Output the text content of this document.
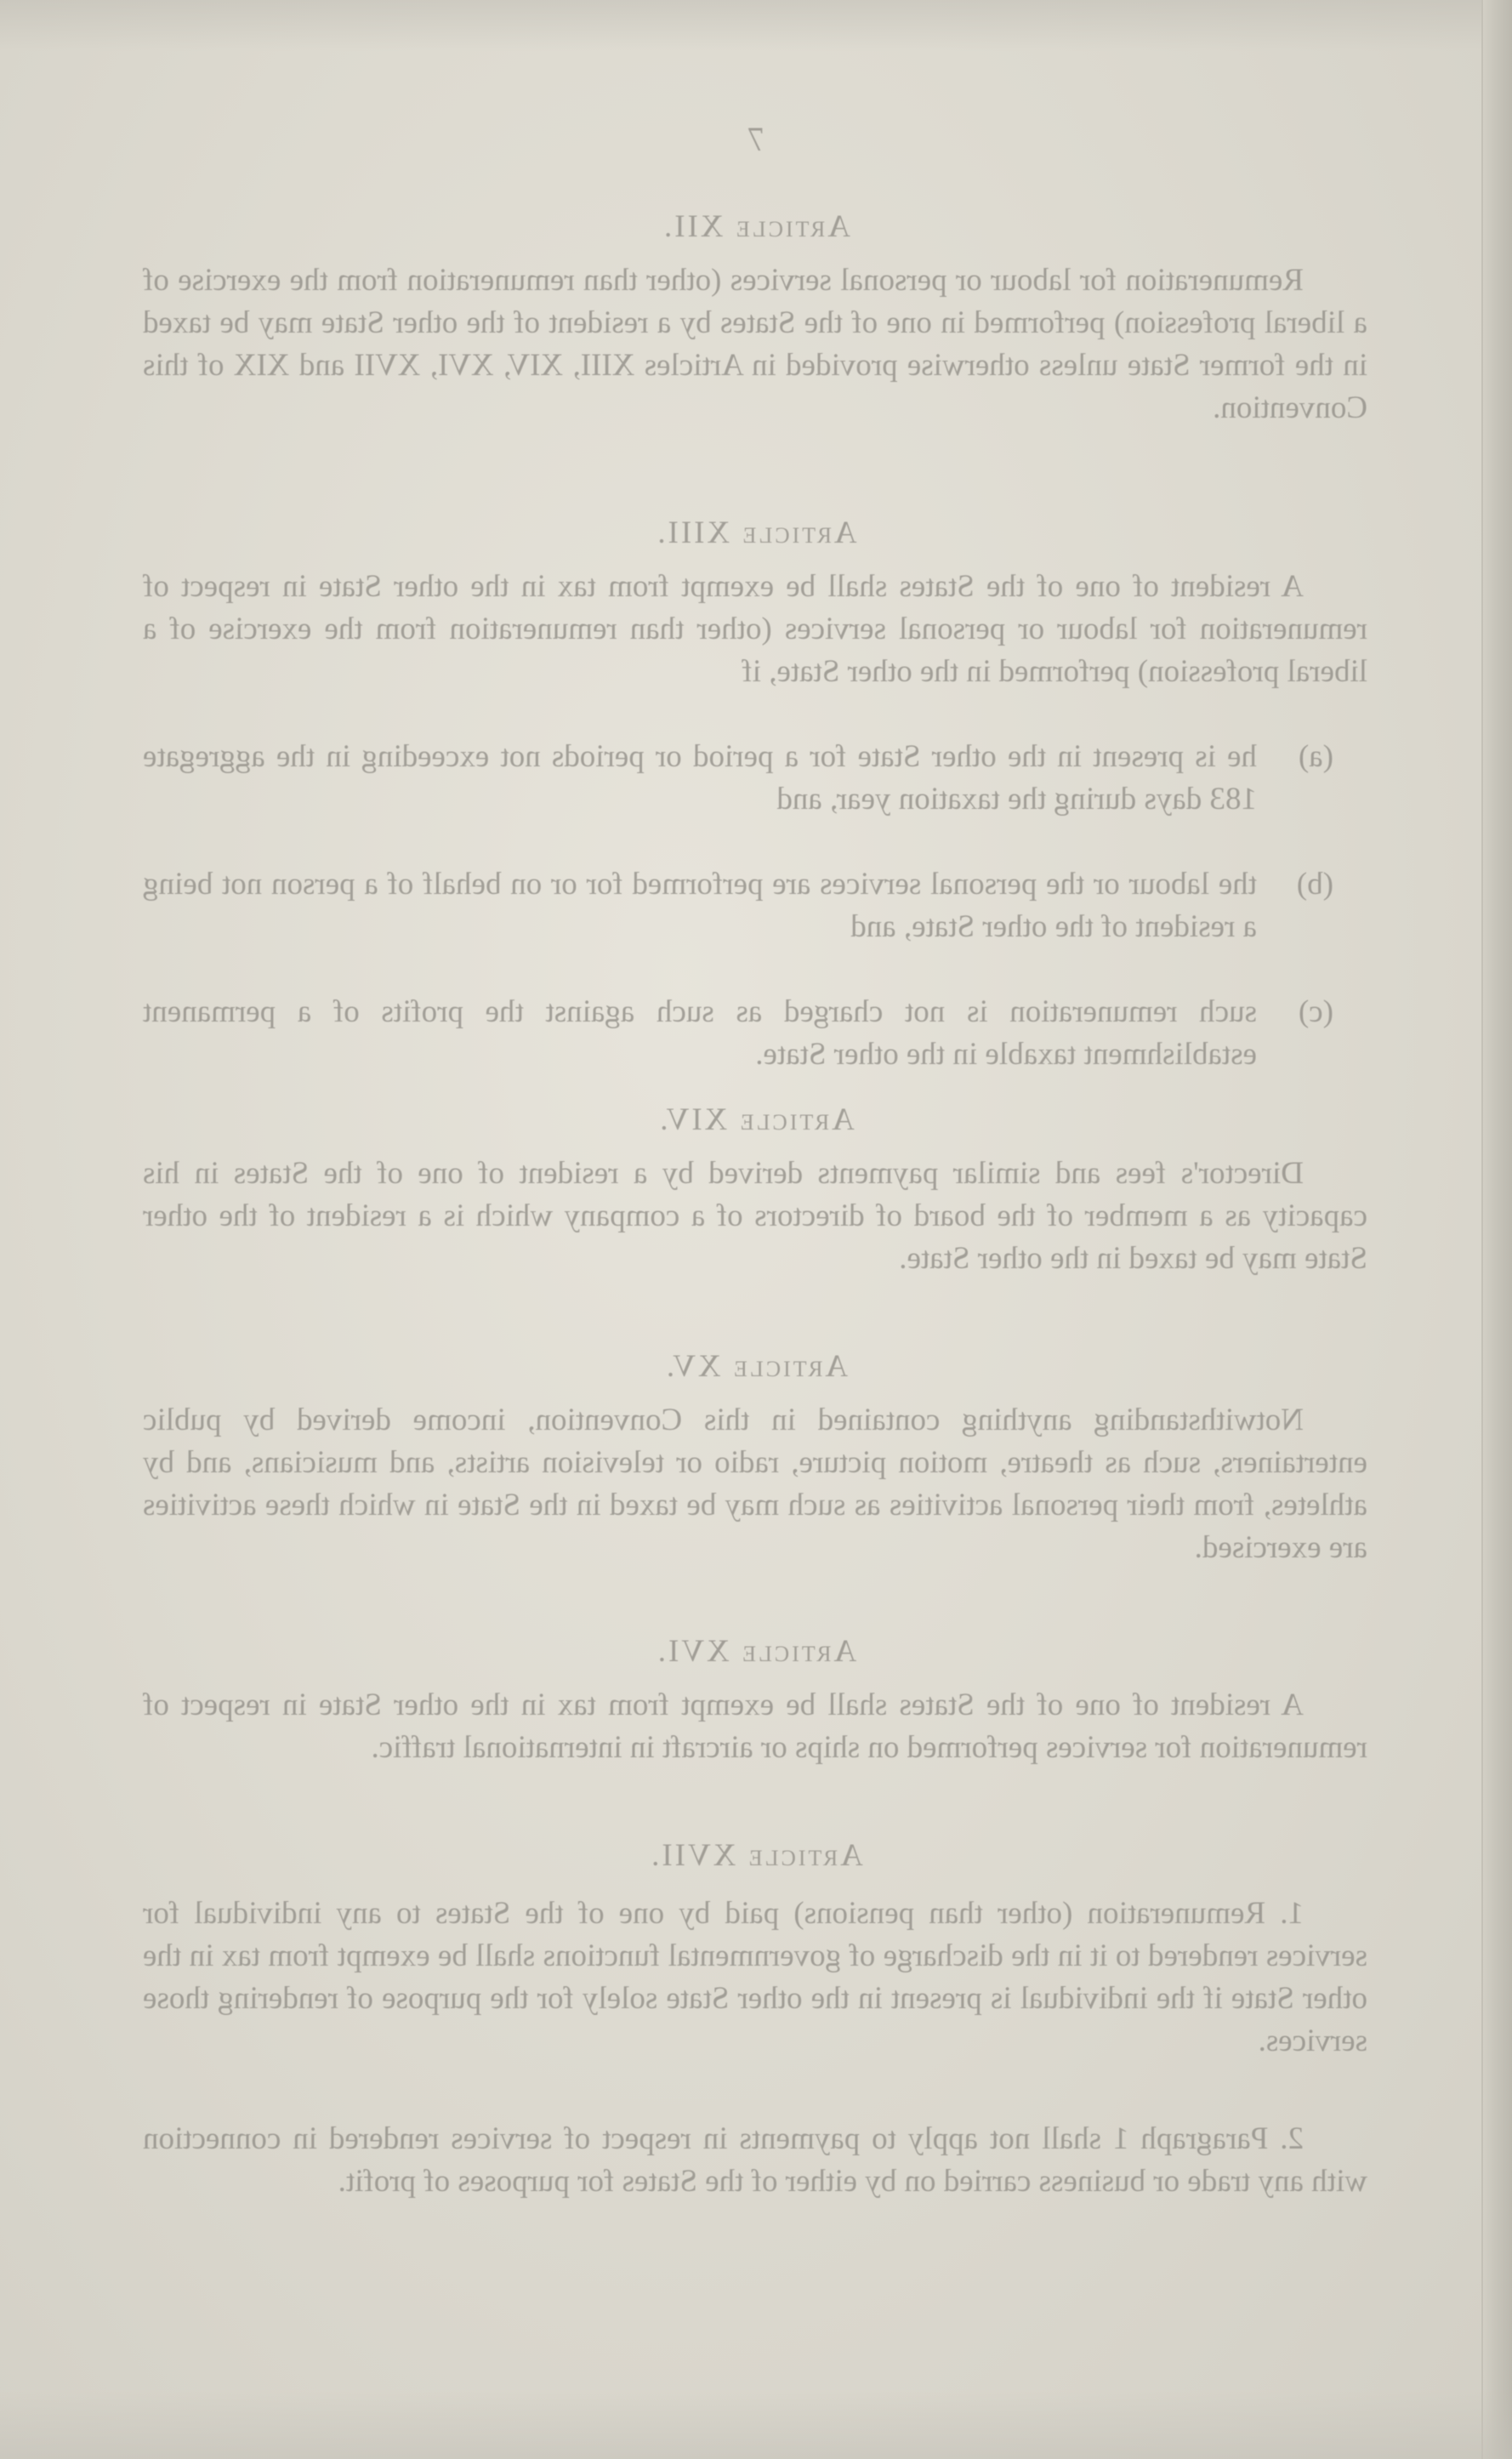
7
Article XII.

Remuneration for labour or personal services (other than remuneration from the exercise of a liberal profession) performed in one of the States by a resident of the other State may be taxed in the former State unless otherwise provided in Articles XIII, XIV, XVI, XVII and XIX of this Convention.

Article XIII.

A resident of one of the States shall be exempt from tax in the other State in respect of remuneration for labour or personal services (other than remuneration from the exercise of a liberal profession) performed in the other State, if

(a)
he is present in the other State for a period or periods not exceeding in the aggregate 183 days during the taxation year, and
(b)
the labour or the personal services are performed for or on behalf of a person not being a resident of the other State, and
(c)
such remuneration is not charged as such against the profits of a permanent establishment taxable in the other State.
Article XIV.

Director's fees and similar payments derived by a resident of one of the States in his capacity as a member of the board of directors of a company which is a resident of the other State may be taxed in the other State.

Article XV.

Notwithstanding anything contained in this Convention, income derived by public entertainers, such as theatre, motion picture, radio or television artists, and musicians, and by athletes, from their personal activities as such may be taxed in the State in which these activities are exercised.

Article XVI.

A resident of one of the States shall be exempt from tax in the other State in respect of remuneration for services performed on ships or aircraft in international traffic.

Article XVII.

1. Remuneration (other than pensions) paid by one of the States to any individual for services rendered to it in the discharge of governmental functions shall be exempt from tax in the other State if the individual is present in the other State solely for the purpose of rendering those services.

2. Paragraph 1 shall not apply to payments in respect of services rendered in connection with any trade or business carried on by either of the States for purposes of profit.
